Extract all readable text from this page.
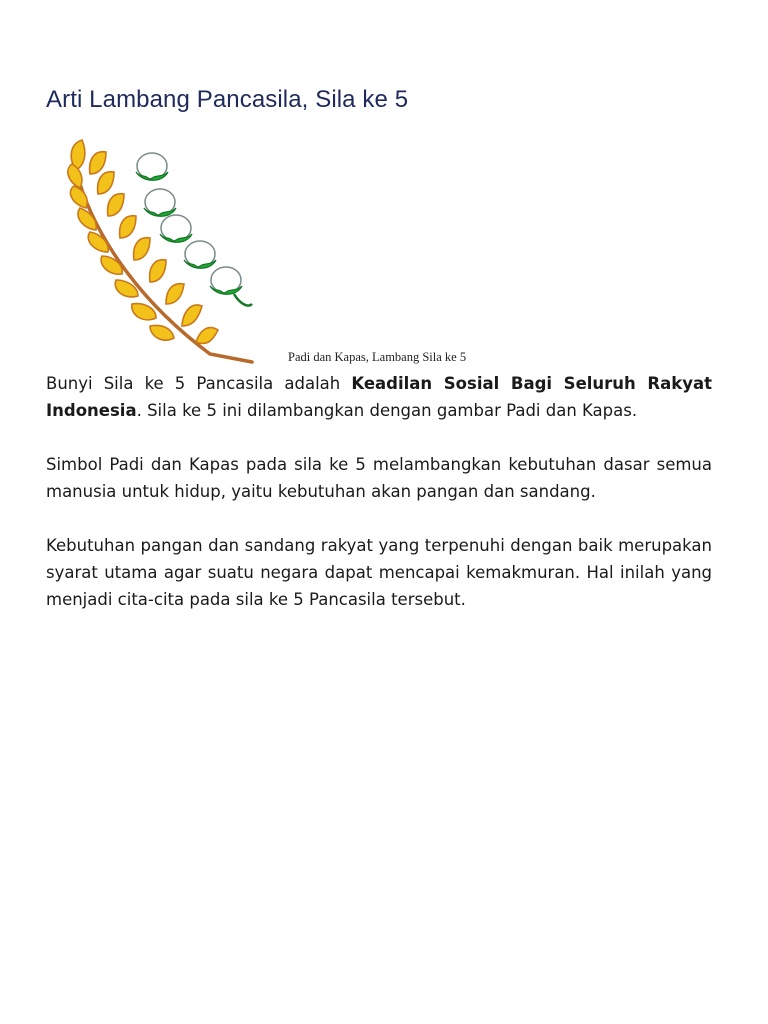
Arti Lambang Pancasila, Sila ke 5
Padi dan Kapas, Lambang Sila ke 5

Bunyi Sila ke 5 Pancasila adalah Keadilan Sosial Bagi Seluruh Rakyat Indonesia. Sila ke 5 ini dilambangkan dengan gambar Padi dan Kapas.

Simbol Padi dan Kapas pada sila ke 5 melambangkan kebutuhan dasar semua manusia untuk hidup, yaitu kebutuhan akan pangan dan sandang.

Kebutuhan pangan dan sandang rakyat yang terpenuhi dengan baik merupakan syarat utama agar suatu negara dapat mencapai kemakmuran. Hal inilah yang menjadi cita-cita pada sila ke 5 Pancasila tersebut.
